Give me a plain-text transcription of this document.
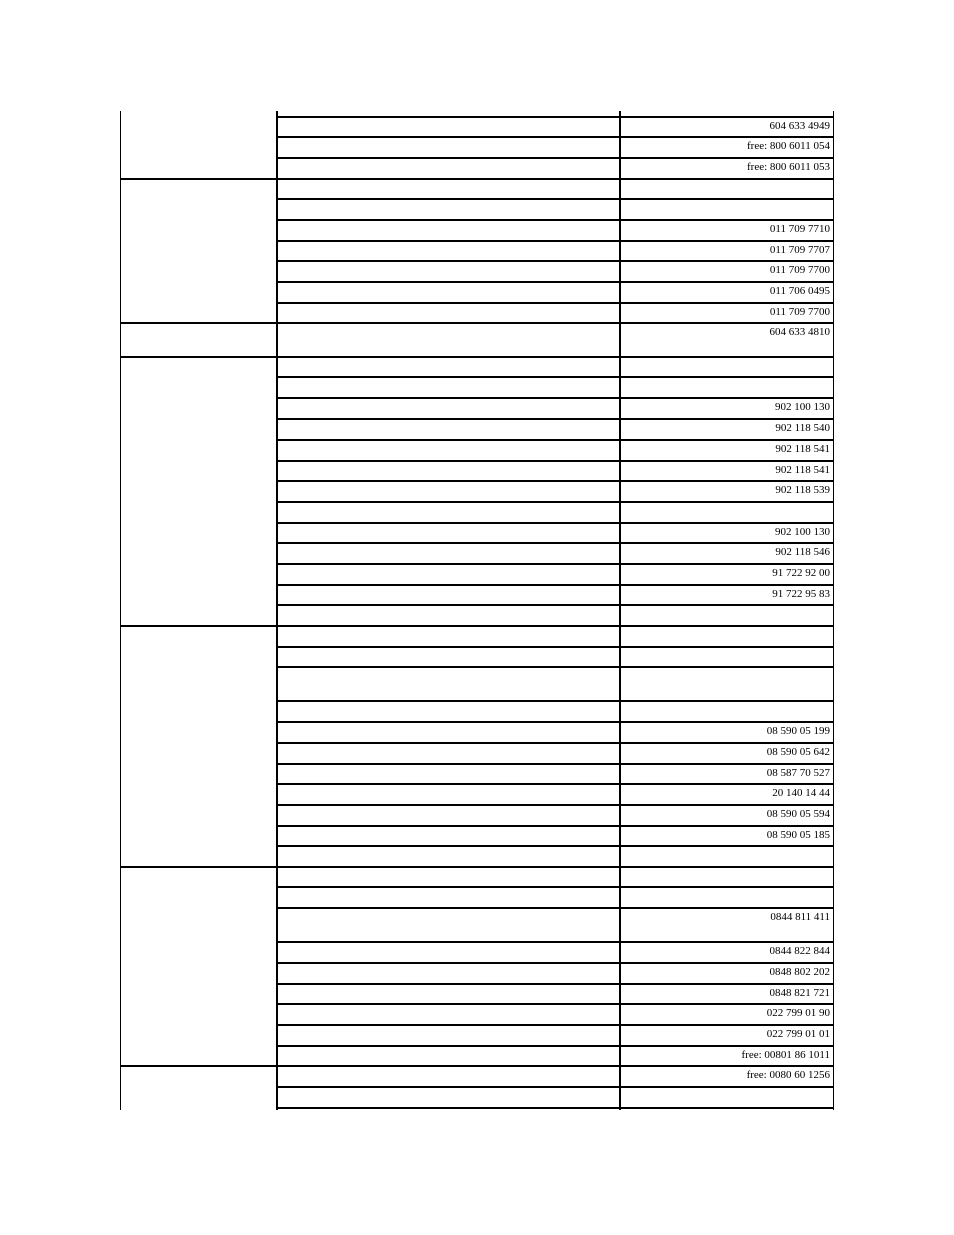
604 633 4949
free: 800 6011 054
free: 800 6011 053
011 709 7710
011 709 7707
011 709 7700
011 706 0495
011 709 7700
604 633 4810
902 100 130
902 118 540
902 118 541
902 118 541
902 118 539
902 100 130
902 118 546
91 722 92 00
91 722 95 83
08 590 05 199
08 590 05 642
08 587 70 527
20 140 14 44
08 590 05 594
08 590 05 185
0844 811 411
0844 822 844
0848 802 202
0848 821 721
022 799 01 90
022 799 01 01
free: 00801 86 1011
free: 0080 60 1256
